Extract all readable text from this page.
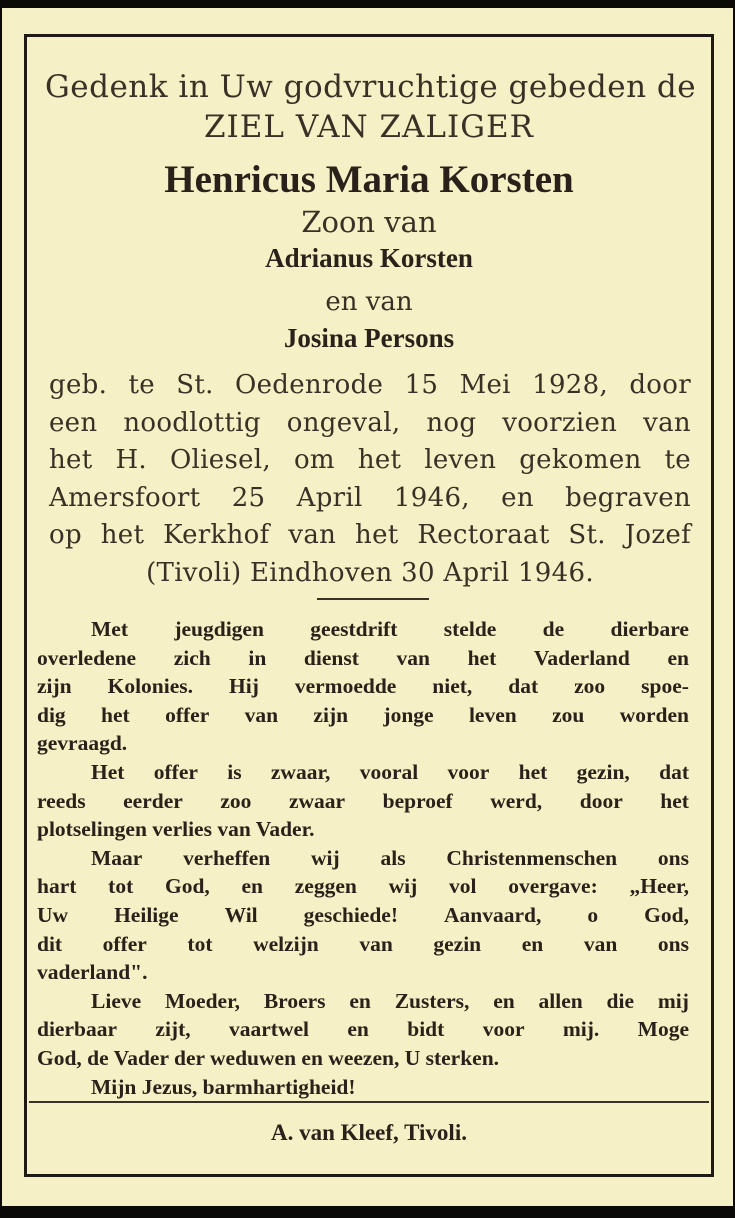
Gedenk in Uw godvruchtige gebeden de
ZIEL VAN ZALIGER
Henricus Maria Korsten
Zoon van
Adrianus Korsten
en van
Josina Persons
geb. te St. Oedenrode 15 Mei 1928, door
een noodlottig ongeval, nog voorzien van
het H. Oliesel, om het leven gekomen te
Amersfoort 25 April 1946, en begraven
op het Kerkhof van het Rectoraat St. Jozef
(Tivoli) Eindhoven 30 April 1946.
Met jeugdigen geestdrift stelde de dierbare
overledene zich in dienst van het Vaderland en
zijn Kolonies. Hij vermoedde niet, dat zoo spoe-
dig het offer van zijn jonge leven zou worden
gevraagd.
Het offer is zwaar, vooral voor het gezin, dat
reeds eerder zoo zwaar beproef werd, door het
plotselingen verlies van Vader.
Maar verheffen wij als Christenmenschen ons
hart tot God, en zeggen wij vol overgave: „Heer,
Uw Heilige Wil geschiede! Aanvaard, o God,
dit offer tot welzijn van gezin en van ons
vaderland".
Lieve Moeder, Broers en Zusters, en allen die mij
dierbaar zijt, vaartwel en bidt voor mij. Moge
God, de Vader der weduwen en weezen, U sterken.
Mijn Jezus, barmhartigheid!
A. van Kleef, Tivoli.
